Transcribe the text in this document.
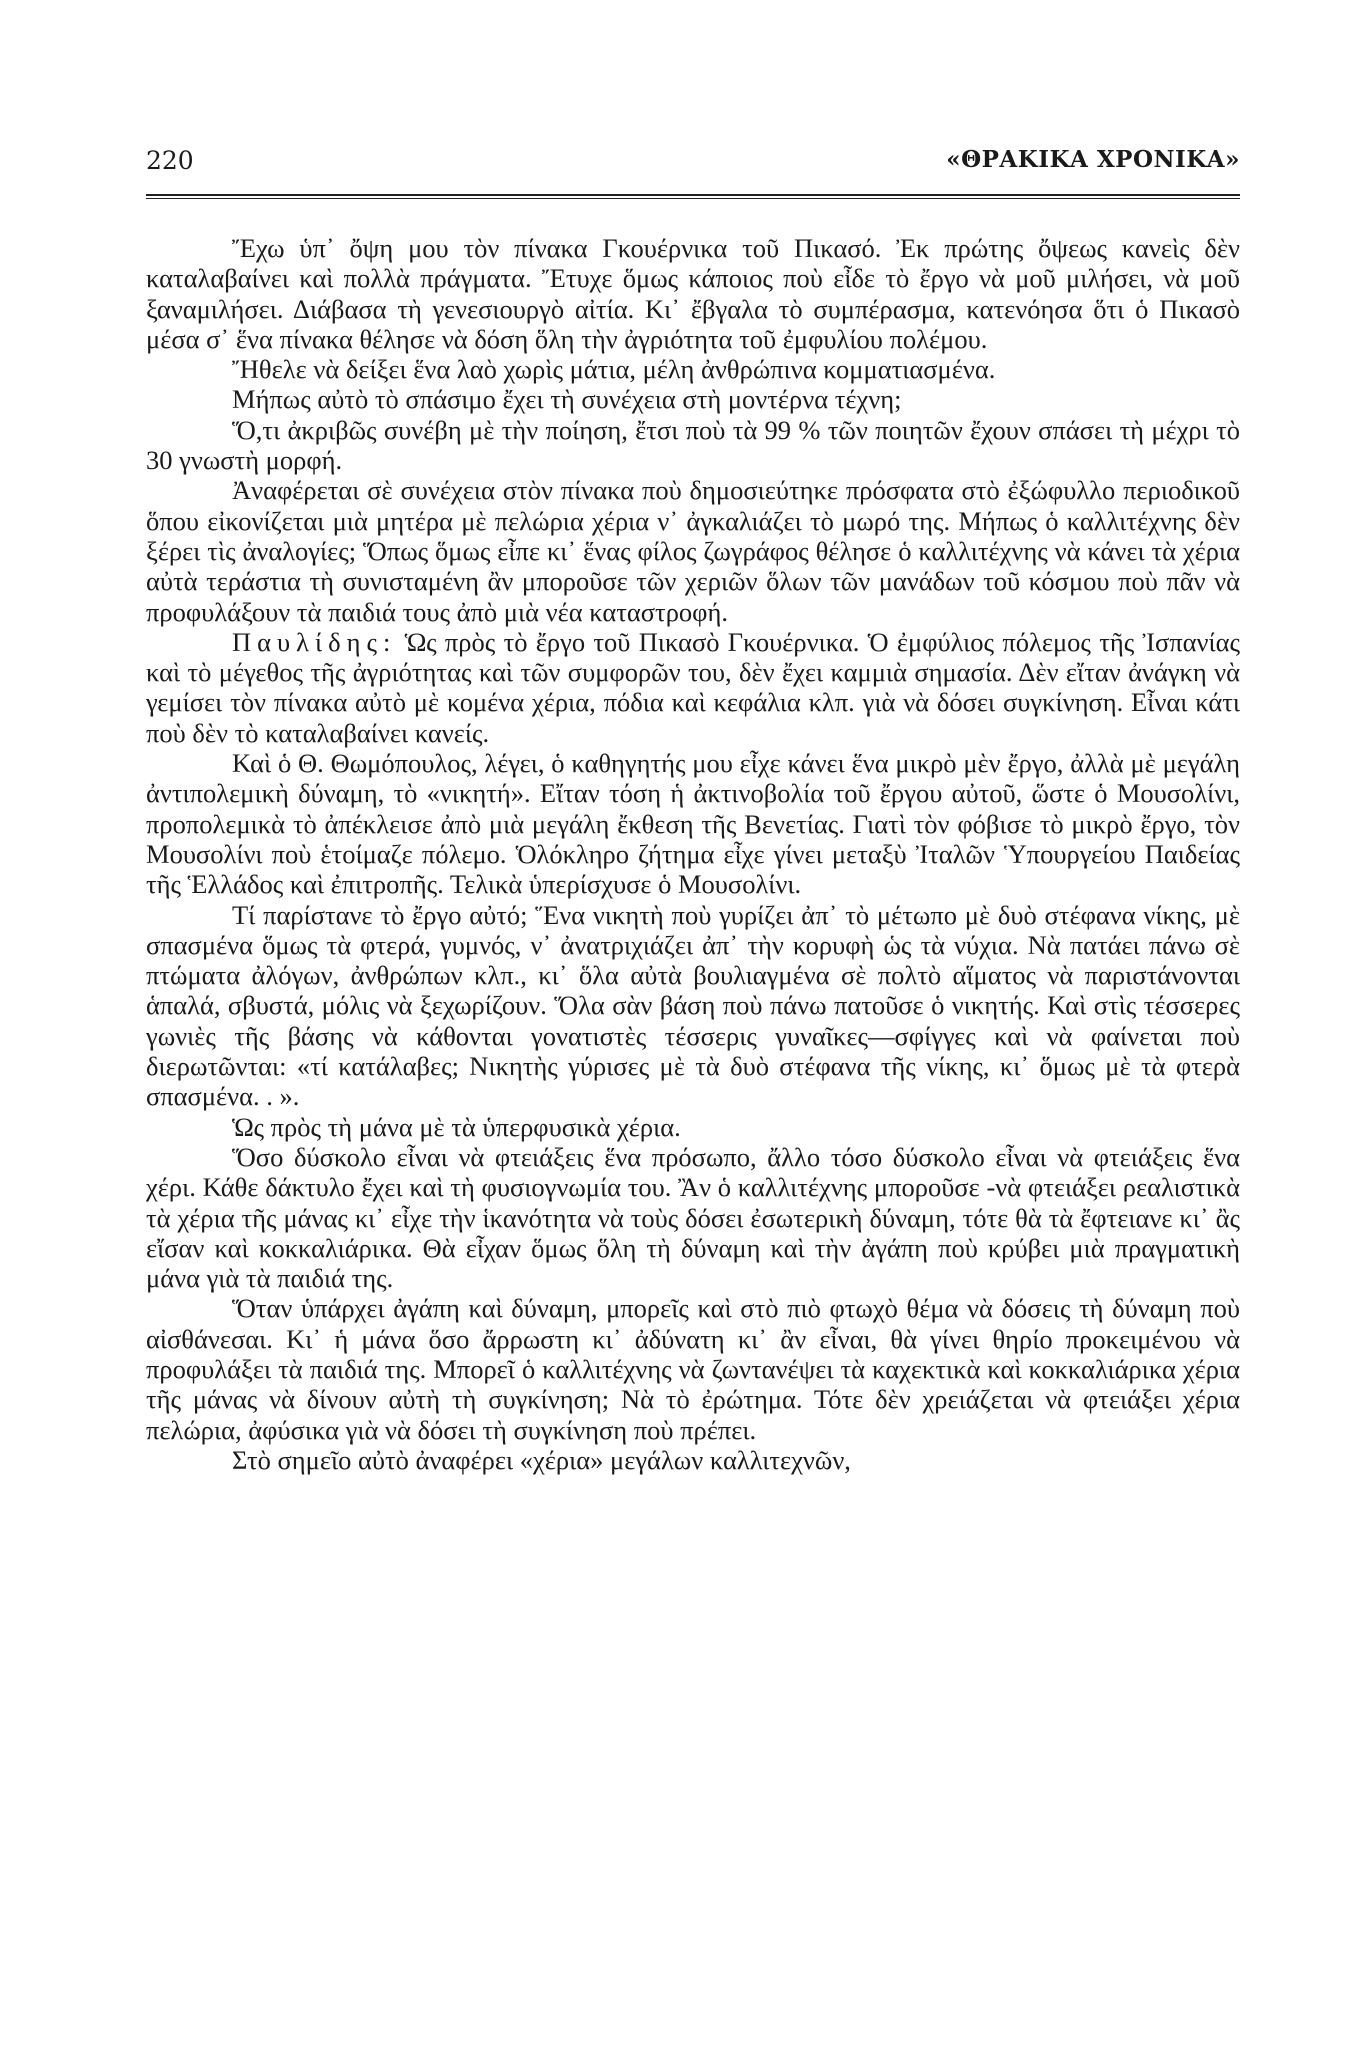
220	«ΘΡΑΚΙΚΑ ΧΡΟΝΙΚΑ»

Ἔχω ὑπ᾽ ὄψη μου τὸν πίνακα Γκουέρνικα τοῦ Πικασό. Ἐκ πρώτης ὄψεως κανεὶς δὲν καταλαβαίνει καὶ πολλὰ πράγματα. Ἔτυχε ὅμως κάποιος ποὺ εἶδε τὸ ἔργο νὰ μοῦ μιλήσει, νὰ μοῦ ξαναμιλήσει. Διάβασα τὴ γενεσιουργὸ αἰτία. Κι᾽ ἔβγαλα τὸ συμπέρασμα, κατενόησα ὅτι ὁ Πικασὸ μέσα σ᾽ ἕνα πίνακα θέλησε νὰ δόση ὅλη τὴν ἀγριότητα τοῦ ἐμφυλίου πολέμου.

Ἤθελε νὰ δείξει ἕνα λαὸ χωρὶς μάτια, μέλη ἀνθρώπινα κομματιασμένα.

Μήπως αὐτὸ τὸ σπάσιμο ἔχει τὴ συνέχεια στὴ μοντέρνα τέχνη;

Ὅ,τι ἀκριβῶς συνέβη μὲ τὴν ποίηση, ἔτσι ποὺ τὰ 99 % τῶν ποιητῶν ἔχουν σπάσει τὴ μέχρι τὸ 30 γνωστὴ μορφή.

Ἀναφέρεται σὲ συνέχεια στὸν πίνακα ποὺ δημοσιεύτηκε πρόσφατα στὸ ἐξώφυλλο περιοδικοῦ ὅπου εἰκονίζεται μιὰ μητέρα μὲ πελώρια χέρια ν᾽ ἀγκαλιάζει τὸ μωρό της. Μήπως ὁ καλλιτέχνης δὲν ξέρει τὶς ἀναλογίες; Ὅπως ὅμως εἶπε κι᾽ ἕνας φίλος ζωγράφος θέλησε ὁ καλλιτέχνης νὰ κάνει τὰ χέρια αὐτὰ τεράστια τὴ συνισταμένη ἂν μποροῦσε τῶν χεριῶν ὅλων τῶν μανάδων τοῦ κόσμου ποὺ πᾶν νὰ προφυλάξουν τὰ παιδιά τους ἀπὸ μιὰ νέα καταστροφή.

Παυλίδης: Ὡς πρὸς τὸ ἔργο τοῦ Πικασὸ Γκουέρνικα. Ὁ ἐμφύλιος πόλεμος τῆς Ἰσπανίας καὶ τὸ μέγεθος τῆς ἀγριότητας καὶ τῶν συμφορῶν του, δὲν ἔχει καμμιὰ σημασία. Δὲν εἴταν ἀνάγκη νὰ γεμίσει τὸν πίνακα αὐτὸ μὲ κομένα χέρια, πόδια καὶ κεφάλια κλπ. γιὰ νὰ δόσει συγκίνηση. Εἶναι κάτι ποὺ δὲν τὸ καταλαβαίνει κανείς.

Καὶ ὁ Θ. Θωμόπουλος, λέγει, ὁ καθηγητής μου εἶχε κάνει ἕνα μικρὸ μὲν ἔργο, ἀλλὰ μὲ μεγάλη ἀντιπολεμικὴ δύναμη, τὸ «νικητή». Εἴταν τόση ἡ ἀκτινοβολία τοῦ ἔργου αὐτοῦ, ὥστε ὁ Μουσολίνι, προπολεμικὰ τὸ ἀπέκλεισε ἀπὸ μιὰ μεγάλη ἔκθεση τῆς Βενετίας. Γιατὶ τὸν φόβισε τὸ μικρὸ ἔργο, τὸν Μουσολίνι ποὺ ἑτοίμαζε πόλεμο. Ὁλόκληρο ζήτημα εἶχε γίνει μεταξὺ Ἰταλῶν Ὑπουργείου Παιδείας τῆς Ἑλλάδος καὶ ἐπιτροπῆς. Τελικὰ ὑπερίσχυσε ὁ Μουσολίνι.

Τί παρίστανε τὸ ἔργο αὐτό; Ἕνα νικητὴ ποὺ γυρίζει ἀπ᾽ τὸ μέτωπο μὲ δυὸ στέφανα νίκης, μὲ σπασμένα ὅμως τὰ φτερά, γυμνός, ν᾽ ἀνατριχιάζει ἀπ᾽ τὴν κορυφὴ ὡς τὰ νύχια. Νὰ πατάει πάνω σὲ πτώματα ἀλόγων, ἀνθρώπων κλπ., κι᾽ ὅλα αὐτὰ βουλιαγμένα σὲ πολτὸ αἵματος νὰ παριστάνονται ἁπαλά, σβυστά, μόλις νὰ ξεχωρίζουν. Ὅλα σὰν βάση ποὺ πάνω πατοῦσε ὁ νικητής. Καὶ στὶς τέσσερες γωνιὲς τῆς βάσης νὰ κάθονται γονατιστὲς τέσσερις γυναῖκες—σφίγγες καὶ νὰ φαίνεται ποὺ διερωτῶνται: «τί κατάλαβες; Νικητὴς γύρισες μὲ τὰ δυὸ στέφανα τῆς νίκης, κι᾽ ὅμως μὲ τὰ φτερὰ σπασμένα. . ».

Ὡς πρὸς τὴ μάνα μὲ τὰ ὑπερφυσικὰ χέρια.

Ὅσο δύσκολο εἶναι νὰ φτειάξεις ἕνα πρόσωπο, ἄλλο τόσο δύσκολο εἶναι νὰ φτειάξεις ἕνα χέρι. Κάθε δάκτυλο ἔχει καὶ τὴ φυσιογνωμία του. Ἂν ὁ καλλιτέχνης μποροῦσε -νὰ φτειάξει ρεαλιστικὰ τὰ χέρια τῆς μάνας κι᾽ εἶχε τὴν ἱκανότητα νὰ τοὺς δόσει ἐσωτερικὴ δύναμη, τότε θὰ τὰ ἔφτειανε κι᾽ ἂς εἴσαν καὶ κοκκαλιάρικα. Θὰ εἶχαν ὅμως ὅλη τὴ δύναμη καὶ τὴν ἀγάπη ποὺ κρύβει μιὰ πραγματικὴ μάνα γιὰ τὰ παιδιά της.

Ὅταν ὑπάρχει ἀγάπη καὶ δύναμη, μπορεῖς καὶ στὸ πιὸ φτωχὸ θέμα νὰ δόσεις τὴ δύναμη ποὺ αἰσθάνεσαι. Κι᾽ ἡ μάνα ὅσο ἄρρωστη κι᾽ ἀδύνατη κι᾽ ἂν εἶναι, θὰ γίνει θηρίο προκειμένου νὰ προφυλάξει τὰ παιδιά της. Μπορεῖ ὁ καλλιτέχνης νὰ ζωντανέψει τὰ καχεκτικὰ καὶ κοκκαλιάρικα χέρια τῆς μάνας νὰ δίνουν αὐτὴ τὴ συγκίνηση; Νὰ τὸ ἐρώτημα. Τότε δὲν χρειάζεται νὰ φτειάξει χέρια πελώρια, ἀφύσικα γιὰ νὰ δόσει τὴ συγκίνηση ποὺ πρέπει.

Στὸ σημεῖο αὐτὸ ἀναφέρει «χέρια» μεγάλων καλλιτεχνῶν,
